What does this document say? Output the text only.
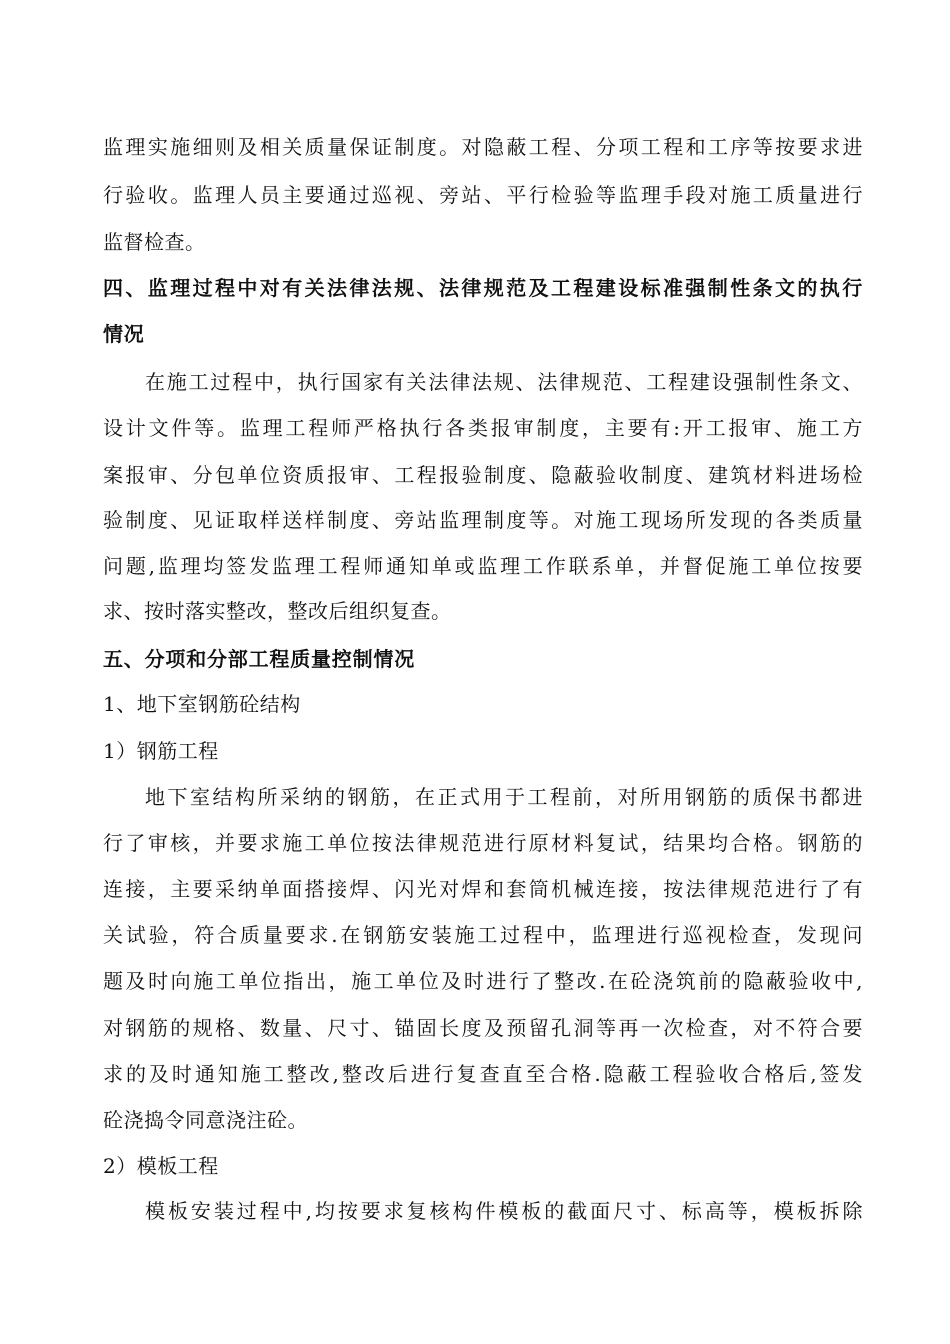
监理实施细则及相关质量保证制度。对隐蔽工程、分项工程和工序等按要求进
行验收。监理人员主要通过巡视、旁站、平行检验等监理手段对施工质量进行
监督检查。
四、监理过程中对有关法律法规、法律规范及工程建设标准强制性条文的执行
情况
在施工过程中，执行国家有关法律法规、法律规范、工程建设强制性条文、
设计文件等。监理工程师严格执行各类报审制度，主要有:开工报审、施工方
案报审、分包单位资质报审、工程报验制度、隐蔽验收制度、建筑材料进场检
验制度、见证取样送样制度、旁站监理制度等。对施工现场所发现的各类质量
问题,监理均签发监理工程师通知单或监理工作联系单，并督促施工单位按要
求、按时落实整改，整改后组织复查。
五、分项和分部工程质量控制情况
1、地下室钢筋砼结构
1）钢筋工程
地下室结构所采纳的钢筋，在正式用于工程前，对所用钢筋的质保书都进
行了审核，并要求施工单位按法律规范进行原材料复试，结果均合格。钢筋的
连接，主要采纳单面搭接焊、闪光对焊和套筒机械连接，按法律规范进行了有
关试验，符合质量要求.在钢筋安装施工过程中，监理进行巡视检查，发现问
题及时向施工单位指出，施工单位及时进行了整改.在砼浇筑前的隐蔽验收中,
对钢筋的规格、数量、尺寸、锚固长度及预留孔洞等再一次检查，对不符合要
求的及时通知施工整改,整改后进行复查直至合格.隐蔽工程验收合格后,签发
砼浇捣令同意浇注砼。
2）模板工程
模板安装过程中,均按要求复核构件模板的截面尺寸、标高等，模板拆除
